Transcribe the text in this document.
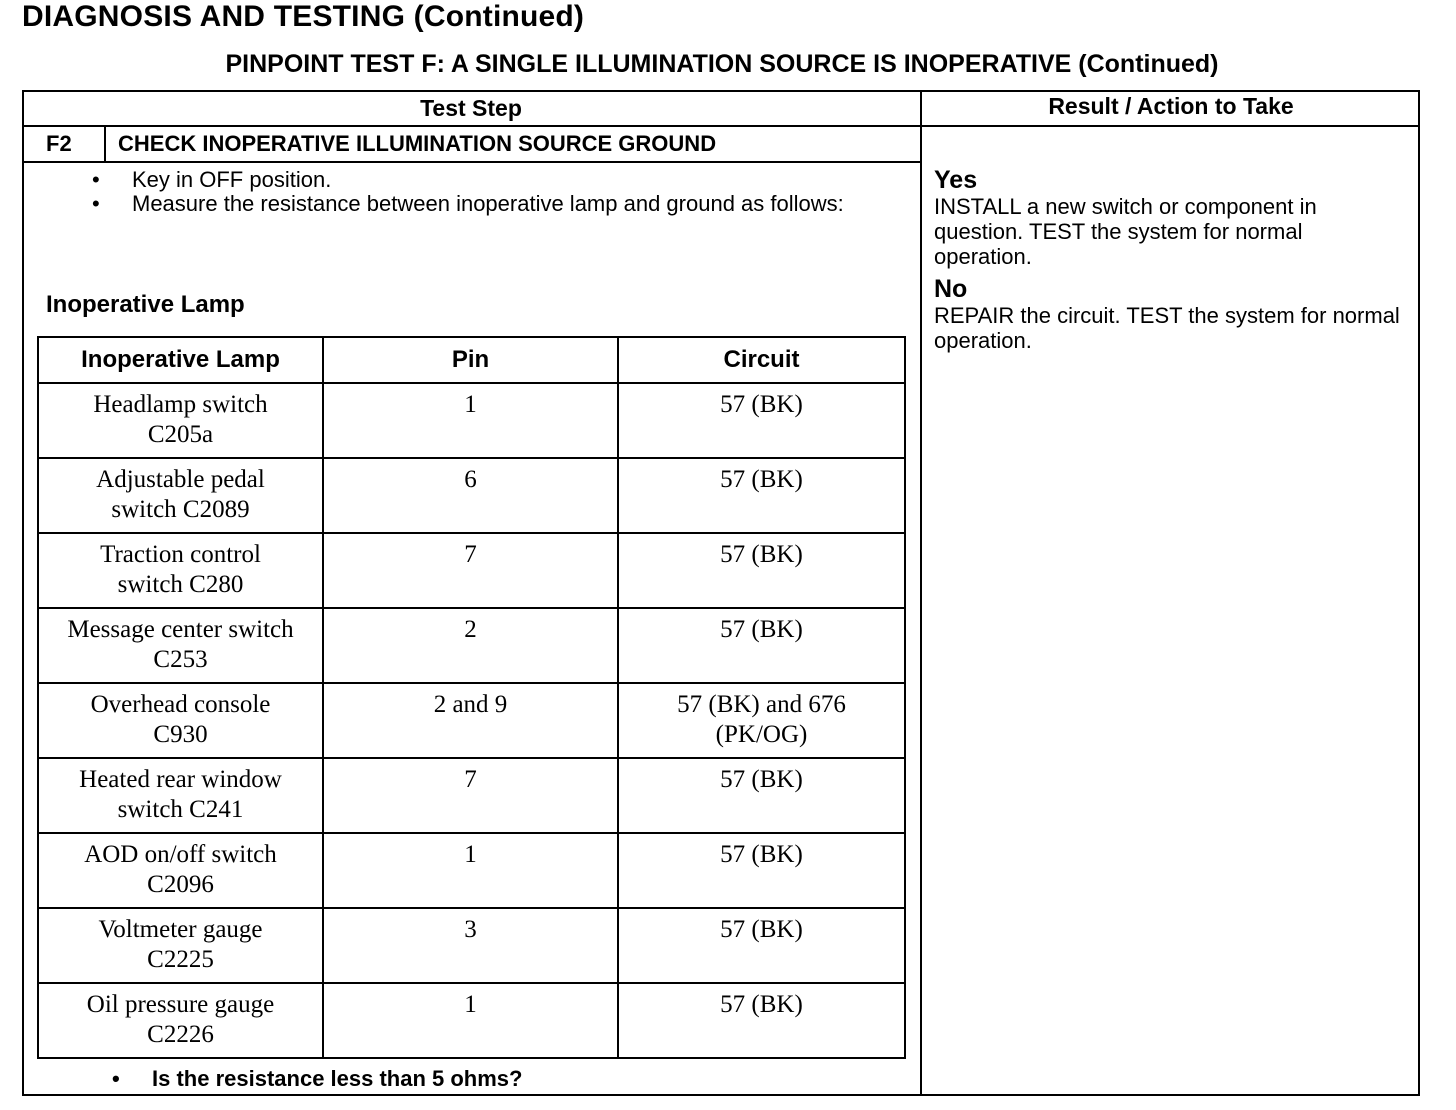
DIAGNOSIS AND TESTING (Continued)
PINPOINT TEST F: A SINGLE ILLUMINATION SOURCE IS INOPERATIVE (Continued)
Test Step	Result / Action to Take
F2 CHECK INOPERATIVE ILLUMINATION SOURCE GROUND
• Key in OFF position.
• Measure the resistance between inoperative lamp and ground as follows:
Inoperative Lamp
Inoperative Lamp	Pin	Circuit
Headlamp switch C205a	1	57 (BK)
Adjustable pedal switch C2089	6	57 (BK)
Traction control switch C280	7	57 (BK)
Message center switch C253	2	57 (BK)
Overhead console C930	2 and 9	57 (BK) and 676 (PK/OG)
Heated rear window switch C241	7	57 (BK)
AOD on/off switch C2096	1	57 (BK)
Voltmeter gauge C2225	3	57 (BK)
Oil pressure gauge C2226	1	57 (BK)
• Is the resistance less than 5 ohms?
Yes
INSTALL a new switch or component in question. TEST the system for normal operation.
No
REPAIR the circuit. TEST the system for normal operation.
